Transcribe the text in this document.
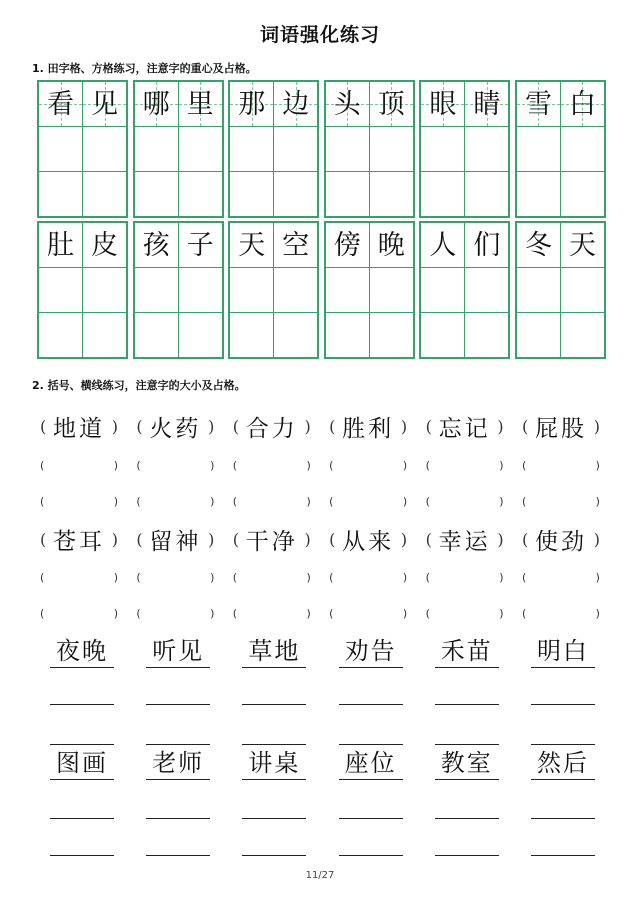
词语强化练习
1. 田字格、方格练习，注意字的重心及占格。
看 见 哪 里 那 边 头 顶 眼 睛 雪 白
肚 皮 孩 子 天 空 傍 晚 人 们 冬 天
2. 括号、横线练习，注意字的大小及占格。
( 地道 ) ( 火药 ) ( 合力 ) ( 胜利 ) ( 忘记 ) ( 屁股 )
(	) (	) (	) (	) (	) (	)
(	) (	) (	) (	) (	) (	)
( 苍耳 ) ( 留神 ) ( 干净 ) ( 从来 ) ( 幸运 ) ( 使劲 )
(	) (	) (	) (	) (	) (	)
(	) (	) (	) (	) (	) (	)
夜晚 听见 草地 劝告 禾苗 明白
图画 老师 讲桌 座位 教室 然后
11/27
